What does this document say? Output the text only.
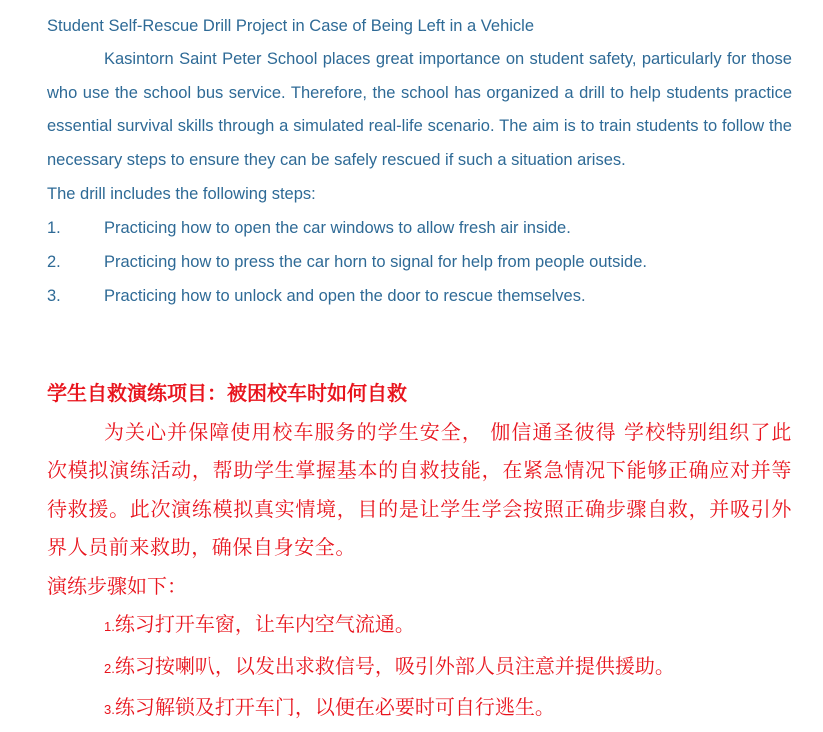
Student Self-Rescue Drill Project in Case of Being Left in a Vehicle

Kasintorn Saint Peter School places great importance on student safety, particularly for those who use the school bus service. Therefore, the school has organized a drill to help students practice essential survival skills through a simulated real-life scenario. The aim is to train students to follow the necessary steps to ensure they can be safely rescued if such a situation arises.

The drill includes the following steps:

1.	Practicing how to open the car windows to allow fresh air inside.
2.	Practicing how to press the car horn to signal for help from people outside.
3.	Practicing how to unlock and open the door to rescue themselves.

学生自救演练项目：被困校车时如何自救

为关心并保障使用校车服务的学生安全， 伽信通圣彼得 学校特别组织了此次模拟演练活动，帮助学生掌握基本的自救技能，在紧急情况下能够正确应对并等待救援。此次演练模拟真实情境，目的是让学生学会按照正确步骤自救，并吸引外界人员前来救助，确保自身安全。

演练步骤如下：

1.练习打开车窗，让车内空气流通。

2.练习按喇叭，以发出求救信号，吸引外部人员注意并提供援助。

3.练习解锁及打开车门，以便在必要时可自行逃生。
